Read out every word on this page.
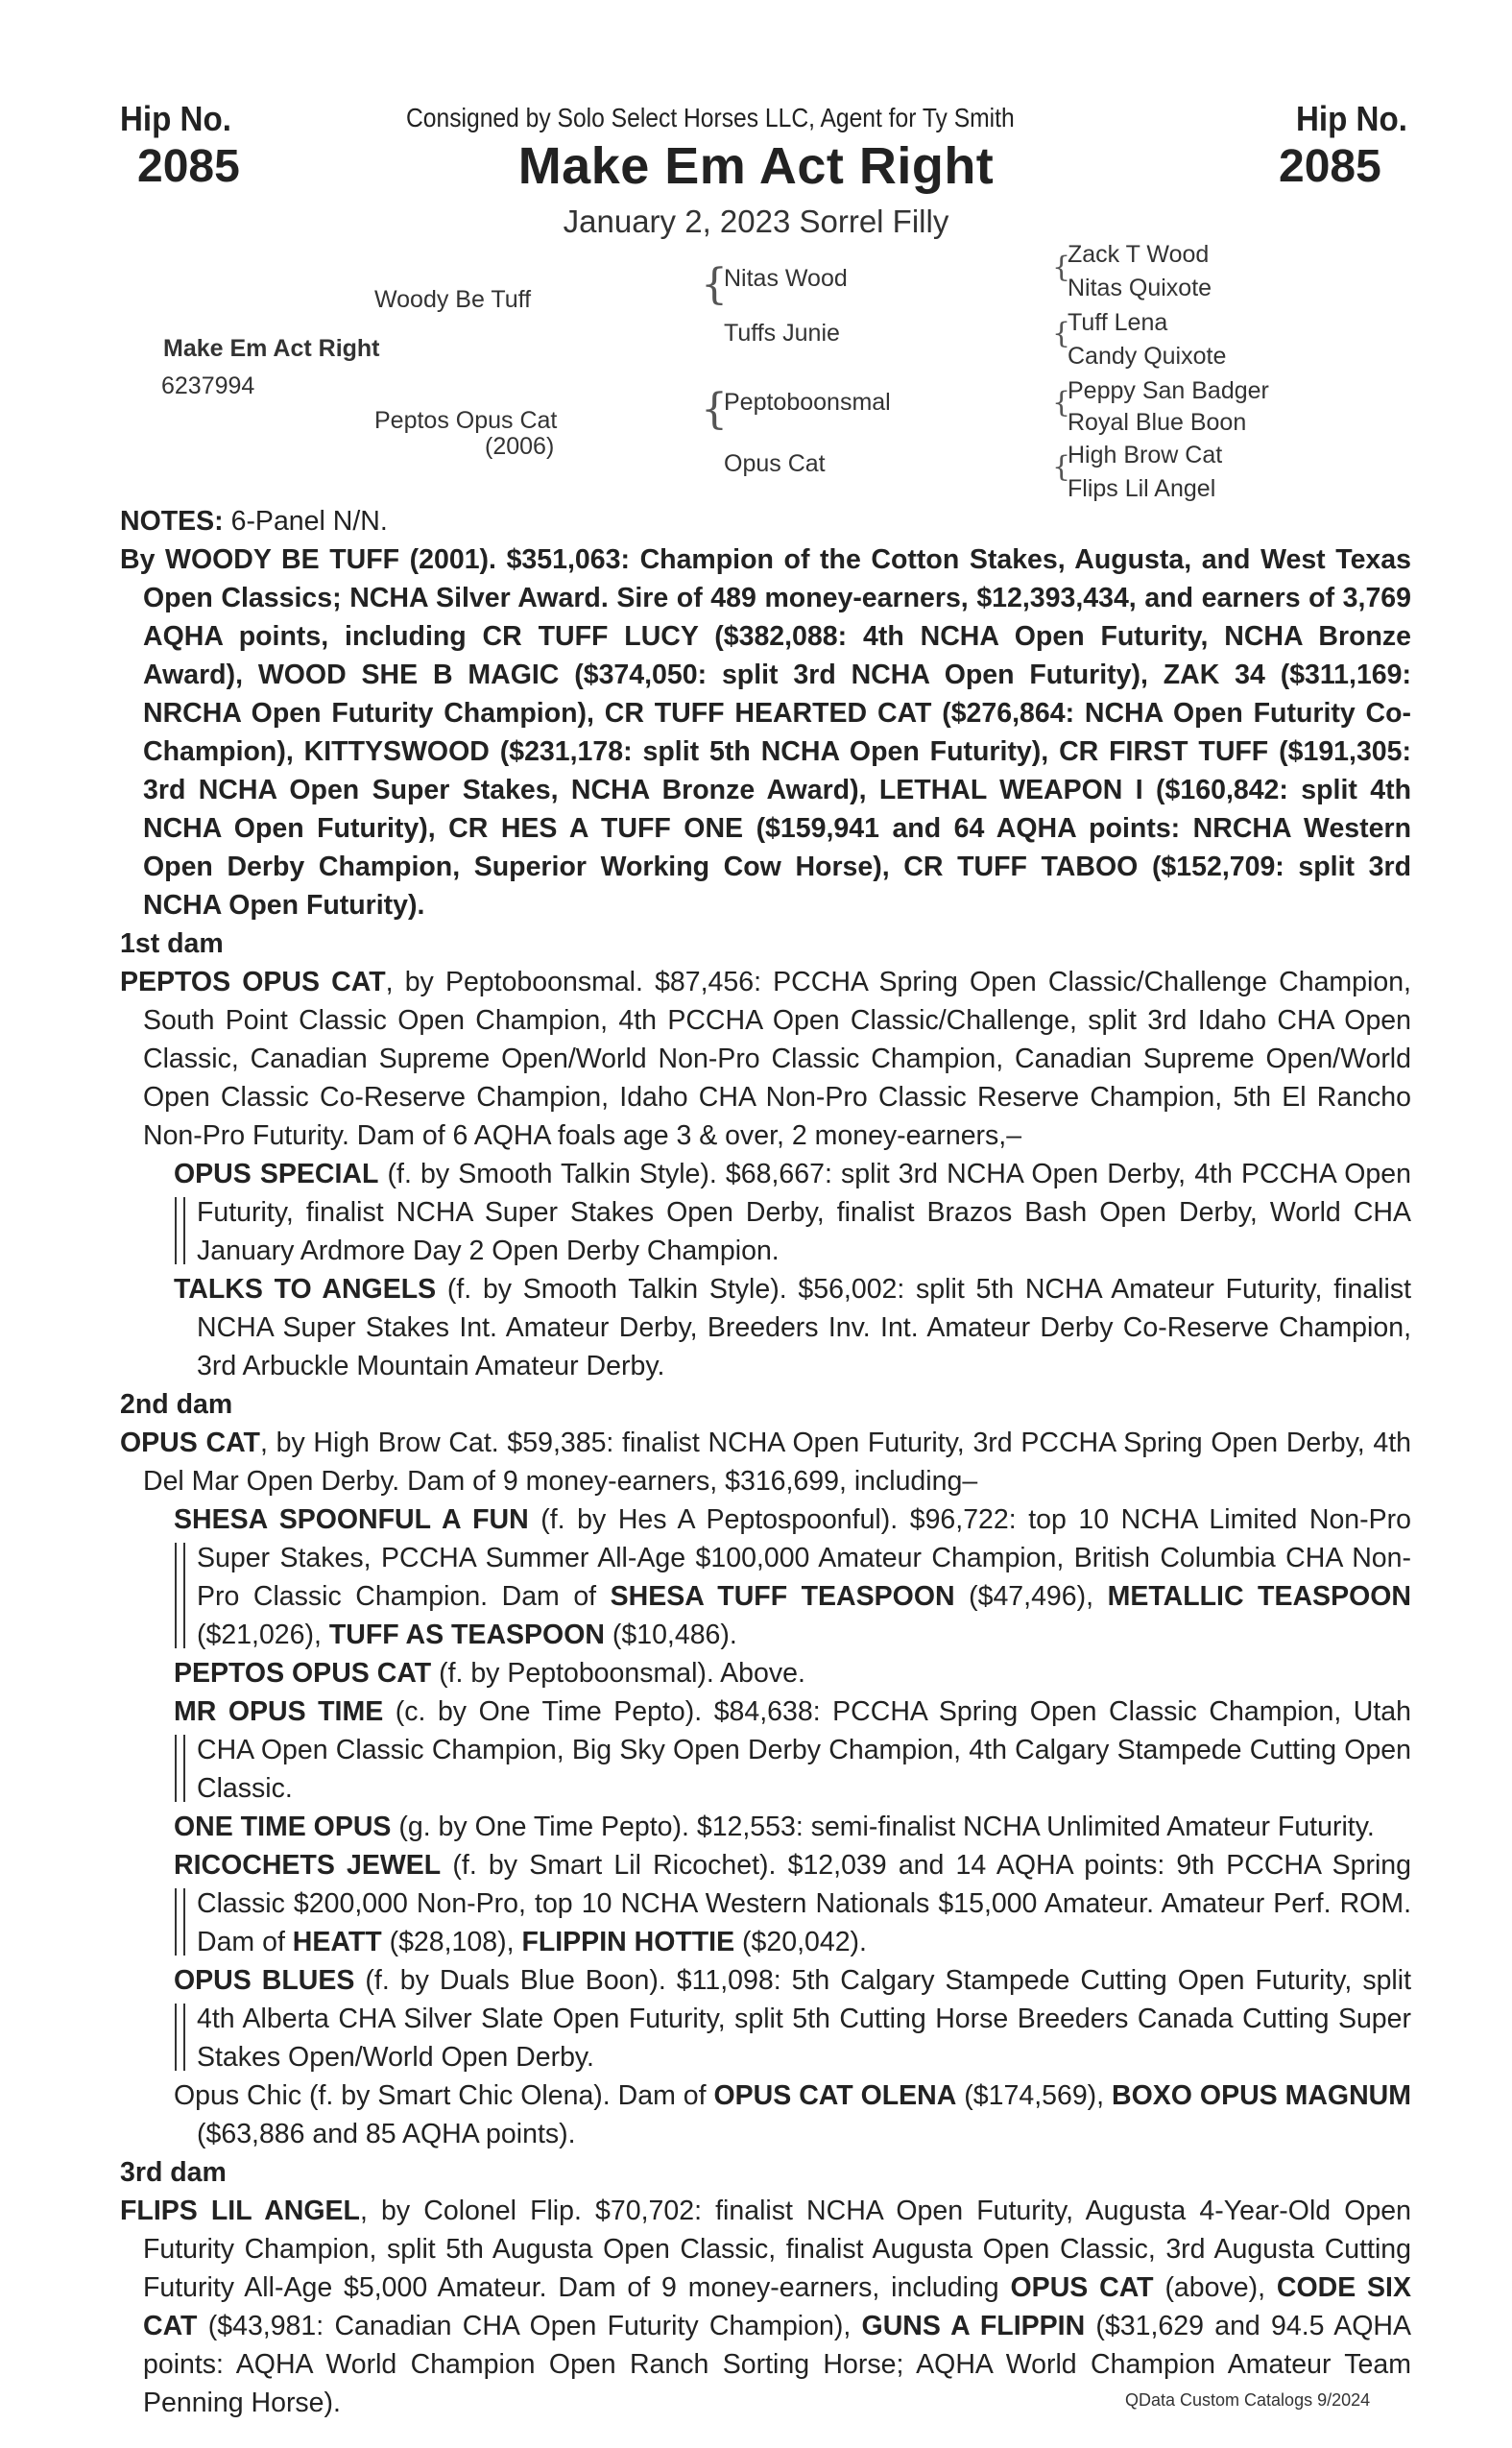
Hip No.
2085
Hip No.
2085
Consigned by Solo Select Horses LLC, Agent for Ty Smith
Make Em Act Right
January 2, 2023 Sorrel Filly
Woody Be Tuff
Make Em Act Right
6237994
Peptos Opus Cat
(2006)
{
Nitas Wood
Tuffs Junie
{
Peptoboonsmal
Opus Cat
{
Zack T Wood
Nitas Quixote
{
Tuff Lena
Candy Quixote
{
Peppy San Badger
Royal Blue Boon
{
High Brow Cat
Flips Lil Angel

NOTES: 6-Panel N/N.

By WOODY BE TUFF (2001). $351,063: Champion of the Cotton Stakes, Augusta, and West Texas Open Classics; NCHA Silver Award. Sire of 489 money-earners, $12,393,434, and earners of 3,769 AQHA points, including CR TUFF LUCY ($382,088: 4th NCHA Open Futurity, NCHA Bronze Award), WOOD SHE B MAGIC ($374,050: split 3rd NCHA Open Futurity), ZAK 34 ($311,169: NRCHA Open Futurity Champion), CR TUFF HEARTED CAT ($276,864: NCHA Open Futurity Co-Champion), KITTYSWOOD ($231,178: split 5th NCHA Open Futurity), CR FIRST TUFF ($191,305: 3rd NCHA Open Super Stakes, NCHA Bronze Award), LETHAL WEAPON I ($160,842: split 4th NCHA Open Futurity), CR HES A TUFF ONE ($159,941 and 64 AQHA points: NRCHA Western Open Derby Champion, Superior Working Cow Horse), CR TUFF TABOO ($152,709: split 3rd NCHA Open Futurity).

1st dam

PEPTOS OPUS CAT, by Peptoboonsmal. $87,456: PCCHA Spring Open Classic/Challenge Champion, South Point Classic Open Champion, 4th PCCHA Open Classic/Challenge, split 3rd Idaho CHA Open Classic, Canadian Supreme Open/World Non-Pro Classic Champion, Canadian Supreme Open/World Open Classic Co-Reserve Champion, Idaho CHA Non-Pro Classic Reserve Champion, 5th El Rancho Non-Pro Futurity. Dam of 6 AQHA foals age 3 & over, 2 money-earners,–

OPUS SPECIAL (f. by Smooth Talkin Style). $68,667: split 3rd NCHA Open Derby, 4th PCCHA Open Futurity, finalist NCHA Super Stakes Open Derby, finalist Brazos Bash Open Derby, World CHA January Ardmore Day 2 Open Derby Champion.

TALKS TO ANGELS (f. by Smooth Talkin Style). $56,002: split 5th NCHA Amateur Futurity, finalist NCHA Super Stakes Int. Amateur Derby, Breeders Inv. Int. Amateur Derby Co-Reserve Champion, 3rd Arbuckle Mountain Amateur Derby.

2nd dam

OPUS CAT, by High Brow Cat. $59,385: finalist NCHA Open Futurity, 3rd PCCHA Spring Open Derby, 4th Del Mar Open Derby. Dam of 9 money-earners, $316,699, including–

SHESA SPOONFUL A FUN (f. by Hes A Peptospoonful). $96,722: top 10 NCHA Limited Non-Pro Super Stakes, PCCHA Summer All-Age $100,000 Amateur Champion, British Columbia CHA Non-Pro Classic Champion. Dam of SHESA TUFF TEASPOON ($47,496), METALLIC TEASPOON ($21,026), TUFF AS TEASPOON ($10,486).

PEPTOS OPUS CAT (f. by Peptoboonsmal). Above.

MR OPUS TIME (c. by One Time Pepto). $84,638: PCCHA Spring Open Classic Champion, Utah CHA Open Classic Champion, Big Sky Open Derby Champion, 4th Calgary Stampede Cutting Open Classic.

ONE TIME OPUS (g. by One Time Pepto). $12,553: semi-finalist NCHA Unlimited Amateur Futurity.

RICOCHETS JEWEL (f. by Smart Lil Ricochet). $12,039 and 14 AQHA points: 9th PCCHA Spring Classic $200,000 Non-Pro, top 10 NCHA Western Nationals $15,000 Amateur. Amateur Perf. ROM. Dam of HEATT ($28,108), FLIPPIN HOTTIE ($20,042).

OPUS BLUES (f. by Duals Blue Boon). $11,098: 5th Calgary Stampede Cutting Open Futurity, split 4th Alberta CHA Silver Slate Open Futurity, split 5th Cutting Horse Breeders Canada Cutting Super Stakes Open/World Open Derby.

Opus Chic (f. by Smart Chic Olena). Dam of OPUS CAT OLENA ($174,569), BOXO OPUS MAGNUM ($63,886 and 85 AQHA points).

3rd dam

FLIPS LIL ANGEL, by Colonel Flip. $70,702: finalist NCHA Open Futurity, Augusta 4-Year-Old Open Futurity Champion, split 5th Augusta Open Classic, finalist Augusta Open Classic, 3rd Augusta Cutting Futurity All-Age $5,000 Amateur. Dam of 9 money-earners, including OPUS CAT (above), CODE SIX CAT ($43,981: Canadian CHA Open Futurity Champion), GUNS A FLIPPIN ($31,629 and 94.5 AQHA points: AQHA World Champion Open Ranch Sorting Horse; AQHA World Champion Amateur Team Penning Horse).	QData Custom Catalogs 9/2024
